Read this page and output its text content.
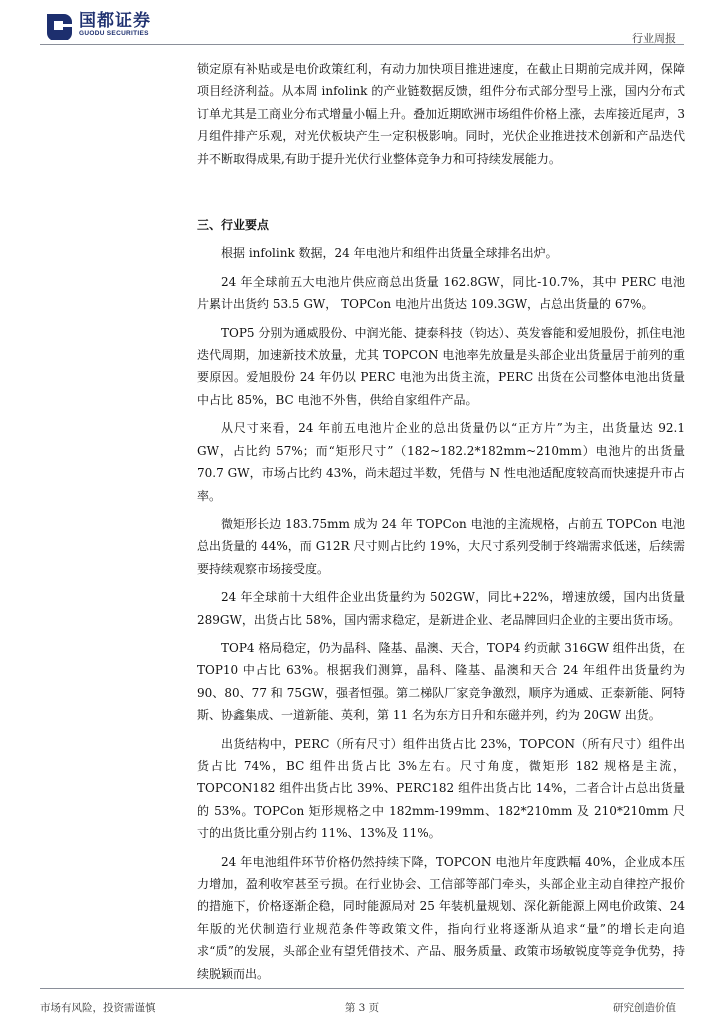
国都证券
GUODU SECURITIES	行业周报

锁定原有补贴或是电价政策红利，有动力加快项目推进速度，在截止日期前完成并网，保障项目经济利益。从本周 infolink 的产业链数据反馈，组件分布式部分型号上涨，国内分布式订单尤其是工商业分布式增量小幅上升。叠加近期欧洲市场组件价格上涨，去库接近尾声，3 月组件排产乐观，对光伏板块产生一定积极影响。同时，光伏企业推进技术创新和产品迭代并不断取得成果,有助于提升光伏行业整体竞争力和可持续发展能力。

三、行业要点

根据 infolink 数据，24 年电池片和组件出货量全球排名出炉。

24 年全球前五大电池片供应商总出货量 162.8GW，同比-10.7%，其中 PERC 电池片累计出货约 53.5 GW， TOPCon 电池片出货达 109.3GW，占总出货量的 67%。

TOP5 分别为通威股份、中润光能、捷泰科技（钧达）、英发睿能和爱旭股份，抓住电池迭代周期，加速新技术放量，尤其 TOPCON 电池率先放量是头部企业出货量居于前列的重要原因。爱旭股份 24 年仍以 PERC 电池为出货主流，PERC 出货在公司整体电池出货量中占比 85%，BC 电池不外售，供给自家组件产品。

从尺寸来看，24 年前五电池片企业的总出货量仍以“正方片”为主，出货量达 92.1 GW，占比约 57%；而“矩形尺寸”（182~182.2*182mm~210mm）电池片的出货量 70.7 GW，市场占比约 43%，尚未超过半数，凭借与 N 性电池适配度较高而快速提升市占率。

微矩形长边 183.75mm 成为 24 年 TOPCon 电池的主流规格，占前五 TOPCon 电池总出货量的 44%，而 G12R 尺寸则占比约 19%，大尺寸系列受制于终端需求低迷，后续需要持续观察市场接受度。

24 年全球前十大组件企业出货量约为 502GW，同比+22%，增速放缓，国内出货量 289GW，出货占比 58%，国内需求稳定，是新进企业、老品牌回归企业的主要出货市场。

TOP4 格局稳定，仍为晶科、隆基、晶澳、天合，TOP4 约贡献 316GW 组件出货，在 TOP10 中占比 63%。根据我们测算，晶科、隆基、晶澳和天合 24 年组件出货量约为 90、80、77 和 75GW，强者恒强。第二梯队厂家竞争激烈，顺序为通威、正泰新能、阿特斯、协鑫集成、一道新能、英利，第 11 名为东方日升和东磁并列，约为 20GW 出货。

出货结构中，PERC（所有尺寸）组件出货占比 23%，TOPCON（所有尺寸）组件出货占比 74%，BC 组件出货占比 3%左右。尺寸角度，微矩形 182 规格是主流，TOPCON182 组件出货占比 39%、PERC182 组件出货占比 14%，二者合计占总出货量的 53%。TOPCon 矩形规格之中 182mm-199mm、182*210mm 及 210*210mm 尺寸的出货比重分别占约 11%、13%及 11%。

24 年电池组件环节价格仍然持续下降，TOPCON 电池片年度跌幅 40%，企业成本压力增加，盈利收窄甚至亏损。在行业协会、工信部等部门牵头，头部企业主动自律控产报价的措施下，价格逐渐企稳，同时能源局对 25 年装机量规划、深化新能源上网电价政策、24 年版的光伏制造行业规范条件等政策文件，指向行业将逐渐从追求“量”的增长走向追求“质”的发展，头部企业有望凭借技术、产品、服务质量、政策市场敏锐度等竞争优势，持续脱颖而出。

市场有风险，投资需谨慎	第 3 页	研究创造价值
